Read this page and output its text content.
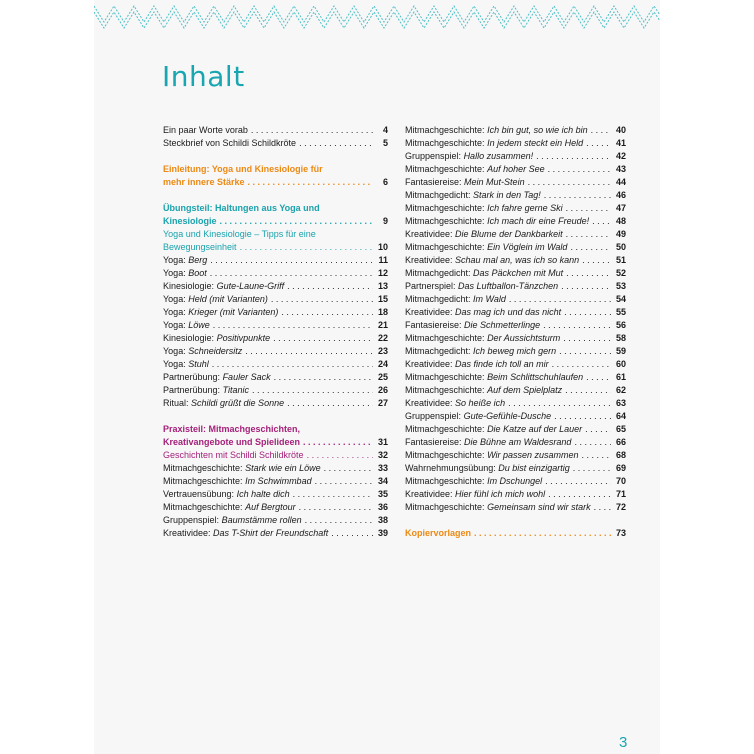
Inhalt
Ein paar Worte vorab . . .	4
Steckbrief von Schildi Schildkröte . . .	5
Einleitung: Yoga und Kinesiologie für
mehr innere Stärke . . .	6
Übungsteil: Haltungen aus Yoga und
Kinesiologie . . .	9
Yoga und Kinesiologie – Tipps für eine
Bewegungseinheit . . .	10
Yoga: Berg . . .	11
Yoga: Boot . . .	12
Kinesiologie: Gute-Laune-Griff . . .	13
Yoga: Held (mit Varianten) . . .	15
Yoga: Krieger (mit Varianten) . . .	18
Yoga: Löwe . . .	21
Kinesiologie: Positivpunkte . . .	22
Yoga: Schneidersitz . . .	23
Yoga: Stuhl . . .	24
Partnerübung: Fauler Sack . . .	25
Partnerübung: Titanic . . .	26
Ritual: Schildi grüßt die Sonne . . .	27
Praxisteil: Mitmachgeschichten,
Kreativangebote und Spielideen . . .	31
Geschichten mit Schildi Schildkröte . . .	32
Mitmachgeschichte: Stark wie ein Löwe . . .	33
Mitmachgeschichte: Im Schwimmbad . . .	34
Vertrauensübung: Ich halte dich . . .	35
Mitmachgeschichte: Auf Bergtour . . .	36
Gruppenspiel: Baumstämme rollen . . .	38
Kreatividee: Das T-Shirt der Freundschaft . . .	39
Mitmachgeschichte: Ich bin gut, so wie ich bin . . .	40
Mitmachgeschichte: In jedem steckt ein Held . . .	41
Gruppenspiel: Hallo zusammen! . . .	42
Mitmachgeschichte: Auf hoher See . . .	43
Fantasiereise: Mein Mut-Stein . . .	44
Mitmachgedicht: Stark in den Tag! . . .	46
Mitmachgeschichte: Ich fahre gerne Ski . . .	47
Mitmachgeschichte: Ich mach dir eine Freude! . . .	48
Kreatividee: Die Blume der Dankbarkeit . . .	49
Mitmachgeschichte: Ein Vöglein im Wald . . .	50
Kreatividee: Schau mal an, was ich so kann . . .	51
Mitmachgedicht: Das Päckchen mit Mut . . .	52
Partnerspiel: Das Luftballon-Tänzchen . . .	53
Mitmachgedicht: Im Wald . . .	54
Kreatividee: Das mag ich und das nicht . . .	55
Fantasiereise: Die Schmetterlinge . . .	56
Mitmachgeschichte: Der Aussichtsturm . . .	58
Mitmachgedicht: Ich beweg mich gern . . .	59
Kreatividee: Das finde ich toll an mir . . .	60
Mitmachgeschichte: Beim Schlittschuhlaufen . . .	61
Mitmachgeschichte: Auf dem Spielplatz . . .	62
Kreatividee: So heiße ich . . .	63
Gruppenspiel: Gute-Gefühle-Dusche . . .	64
Mitmachgeschichte: Die Katze auf der Lauer . . .	65
Fantasiereise: Die Bühne am Waldesrand . . .	66
Mitmachgeschichte: Wir passen zusammen . . .	68
Wahrnehmungsübung: Du bist einzigartig . . .	69
Mitmachgeschichte: Im Dschungel . . .	70
Kreatividee: Hier fühl ich mich wohl . . .	71
Mitmachgeschichte: Gemeinsam sind wir stark . . .	72
Kopiervorlagen . . .	73
3
